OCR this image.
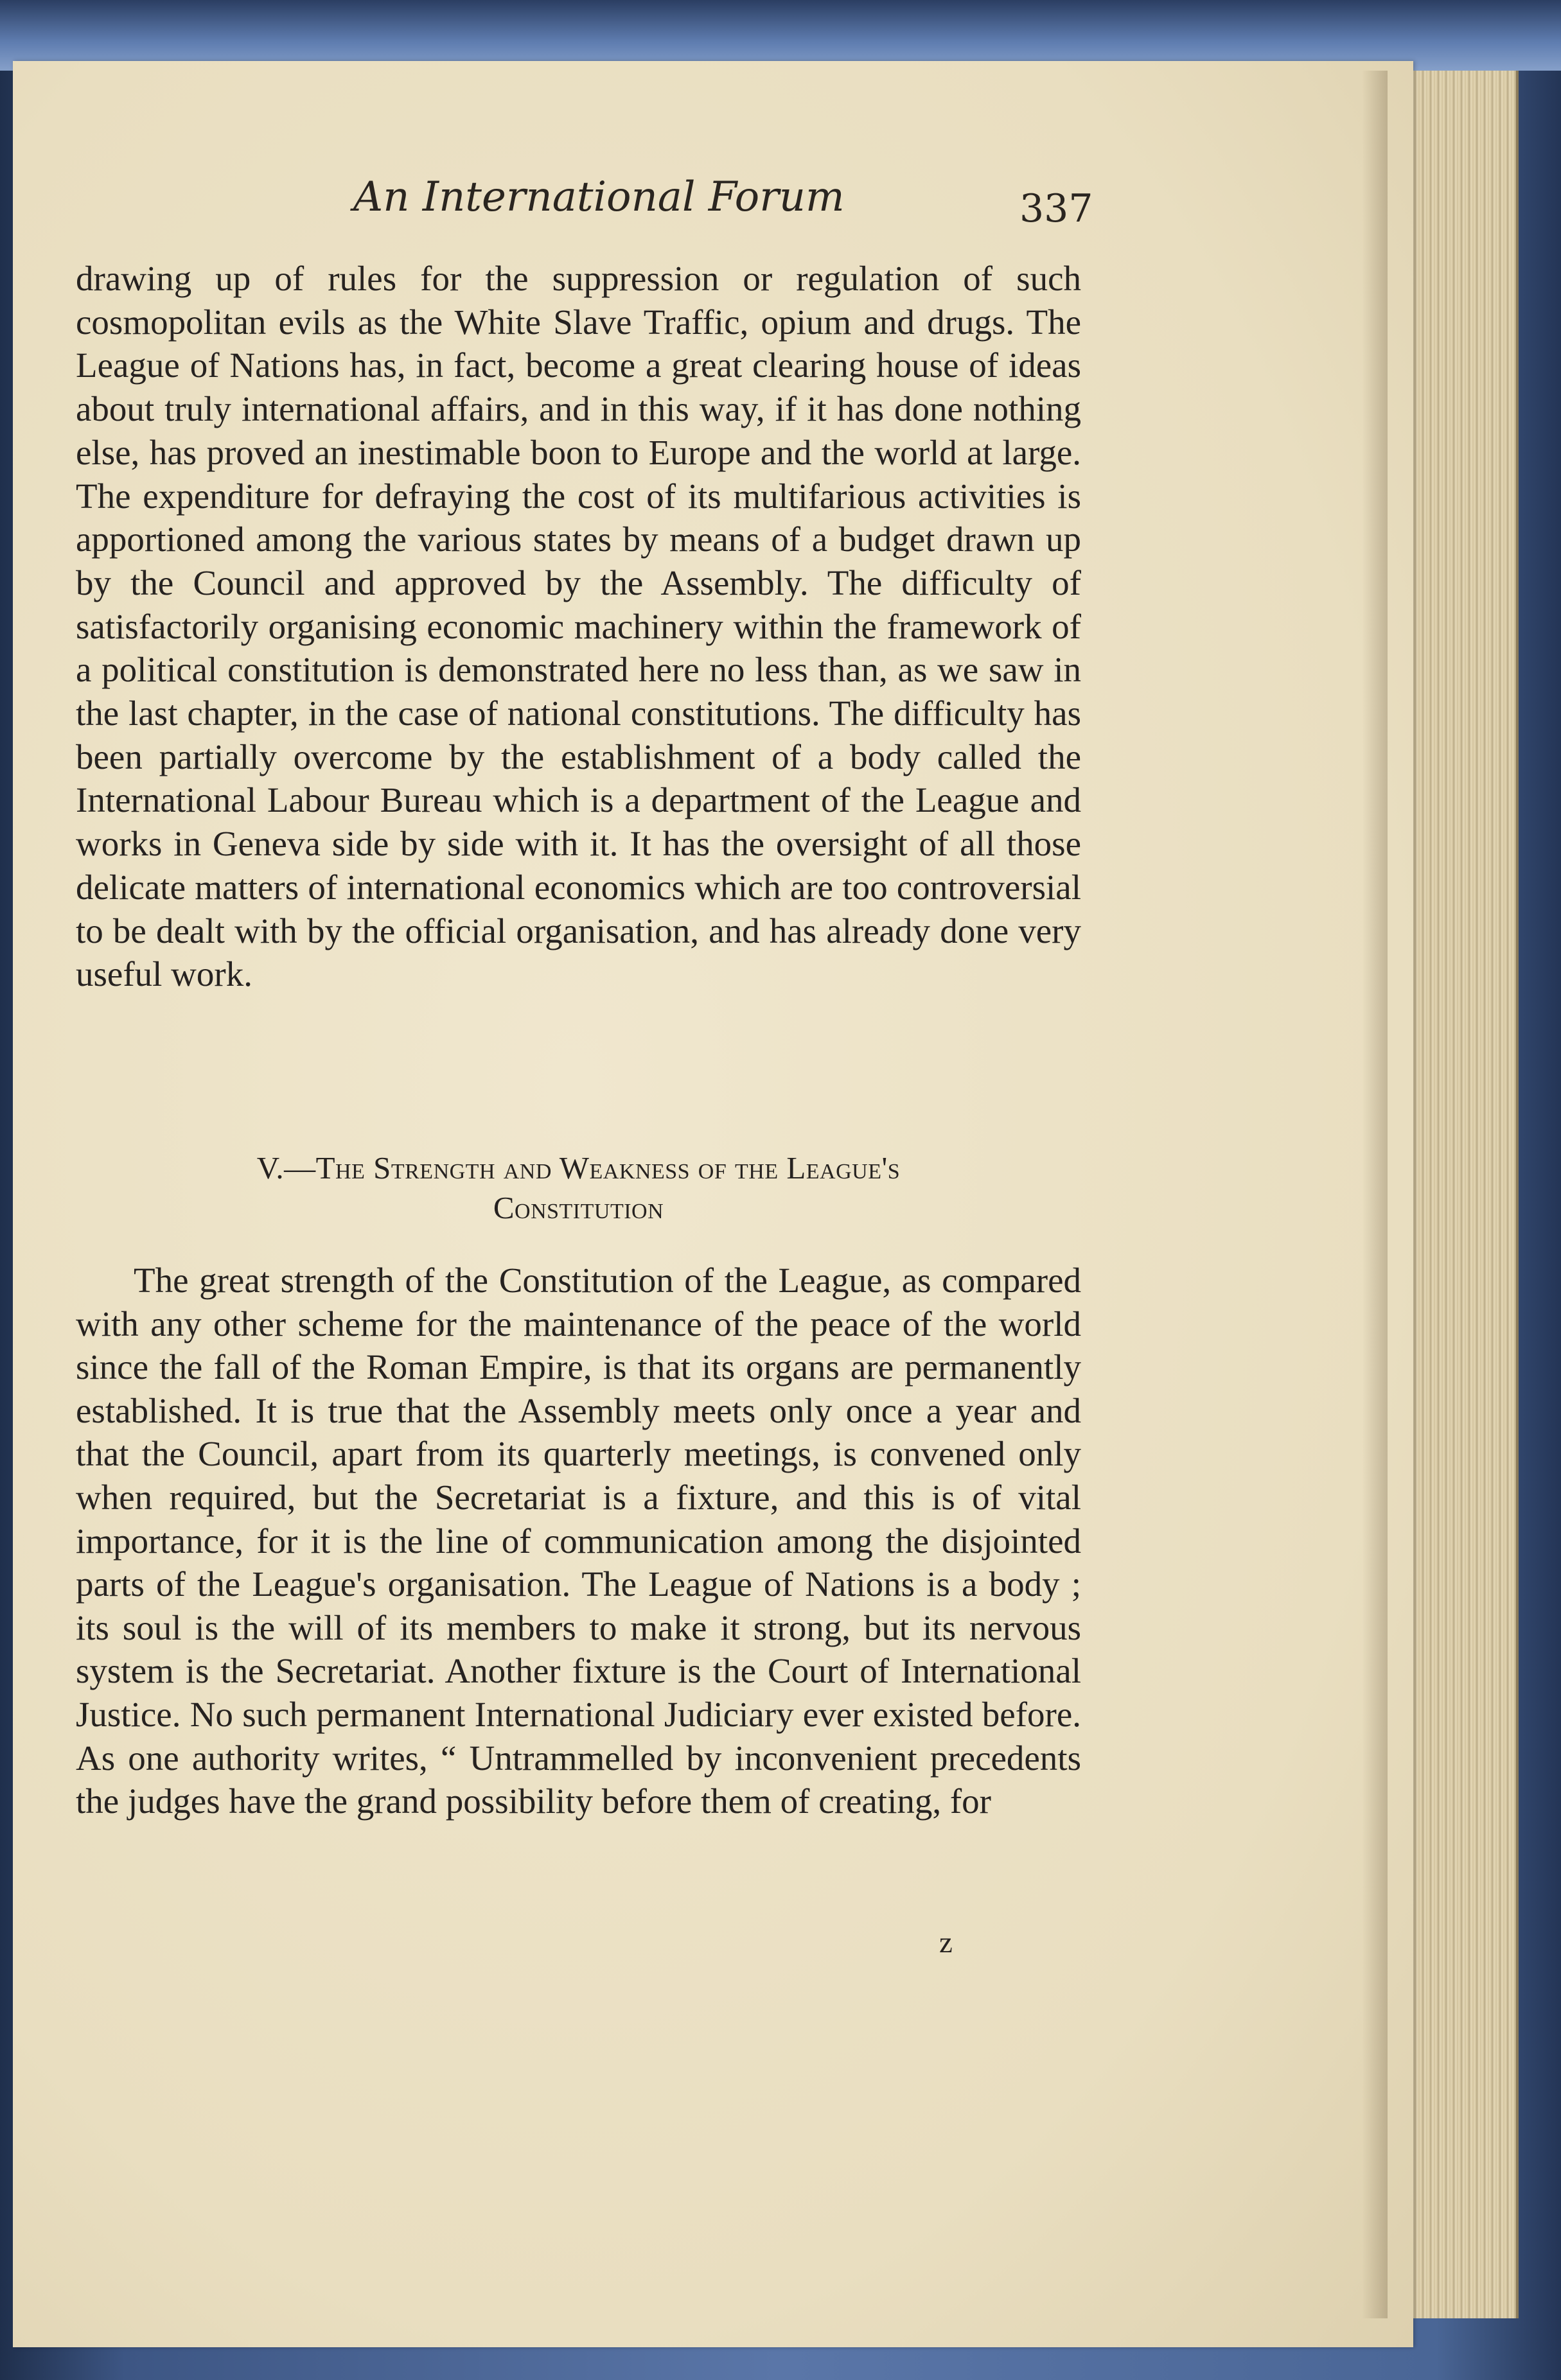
An International Forum	337

drawing up of rules for the suppression or regulation of such cosmopolitan evils as the White Slave Traffic, opium and drugs. The League of Nations has, in fact, become a great clearing house of ideas about truly international affairs, and in this way, if it has done nothing else, has proved an inestimable boon to Europe and the world at large. The expenditure for defraying the cost of its multifarious activities is apportioned among the various states by means of a budget drawn up by the Council and approved by the Assembly. The difficulty of satisfactorily organising economic machinery within the framework of a political constitution is demonstrated here no less than, as we saw in the last chapter, in the case of national constitutions. The difficulty has been partially overcome by the establishment of a body called the International Labour Bureau which is a department of the League and works in Geneva side by side with it. It has the oversight of all those delicate matters of international economics which are too controversial to be dealt with by the official organisation, and has already done very useful work.

V.—The Strength and Weakness of the League's
Constitution

The great strength of the Constitution of the League, as compared with any other scheme for the maintenance of the peace of the world since the fall of the Roman Empire, is that its organs are permanently established. It is true that the Assembly meets only once a year and that the Council, apart from its quarterly meetings, is convened only when required, but the Secretariat is a fixture, and this is of vital importance, for it is the line of communication among the disjointed parts of the League's organisation. The League of Nations is a body ; its soul is the will of its members to make it strong, but its nervous system is the Secretariat. Another fixture is the Court of International Justice. No such permanent International Judiciary ever existed before. As one authority writes, “ Untrammelled by inconvenient precedents the judges have the grand possibility before them of creating, for

z
